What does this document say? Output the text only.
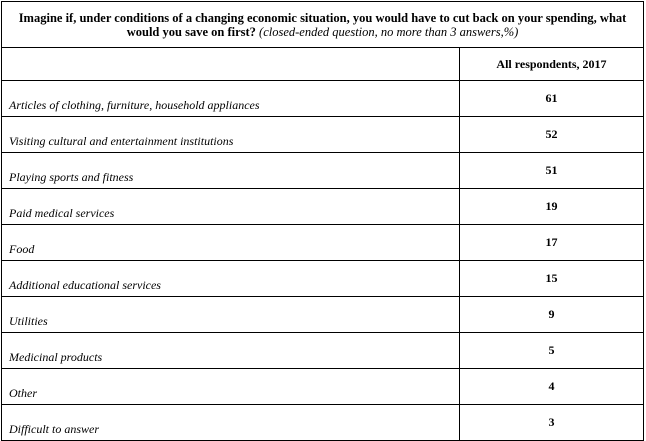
Imagine if, under conditions of a changing economic situation, you would have to cut back on your spending, what would you save on first? (closed-ended question, no more than 3 answers,%)	
	All respondents, 2017
Articles of clothing, furniture, household appliances	61
Visiting cultural and entertainment institutions	52
Playing sports and fitness	51
Paid medical services	19
Food	17
Additional educational services	15
Utilities	9
Medicinal products	5
Other	4
Difficult to answer	3
